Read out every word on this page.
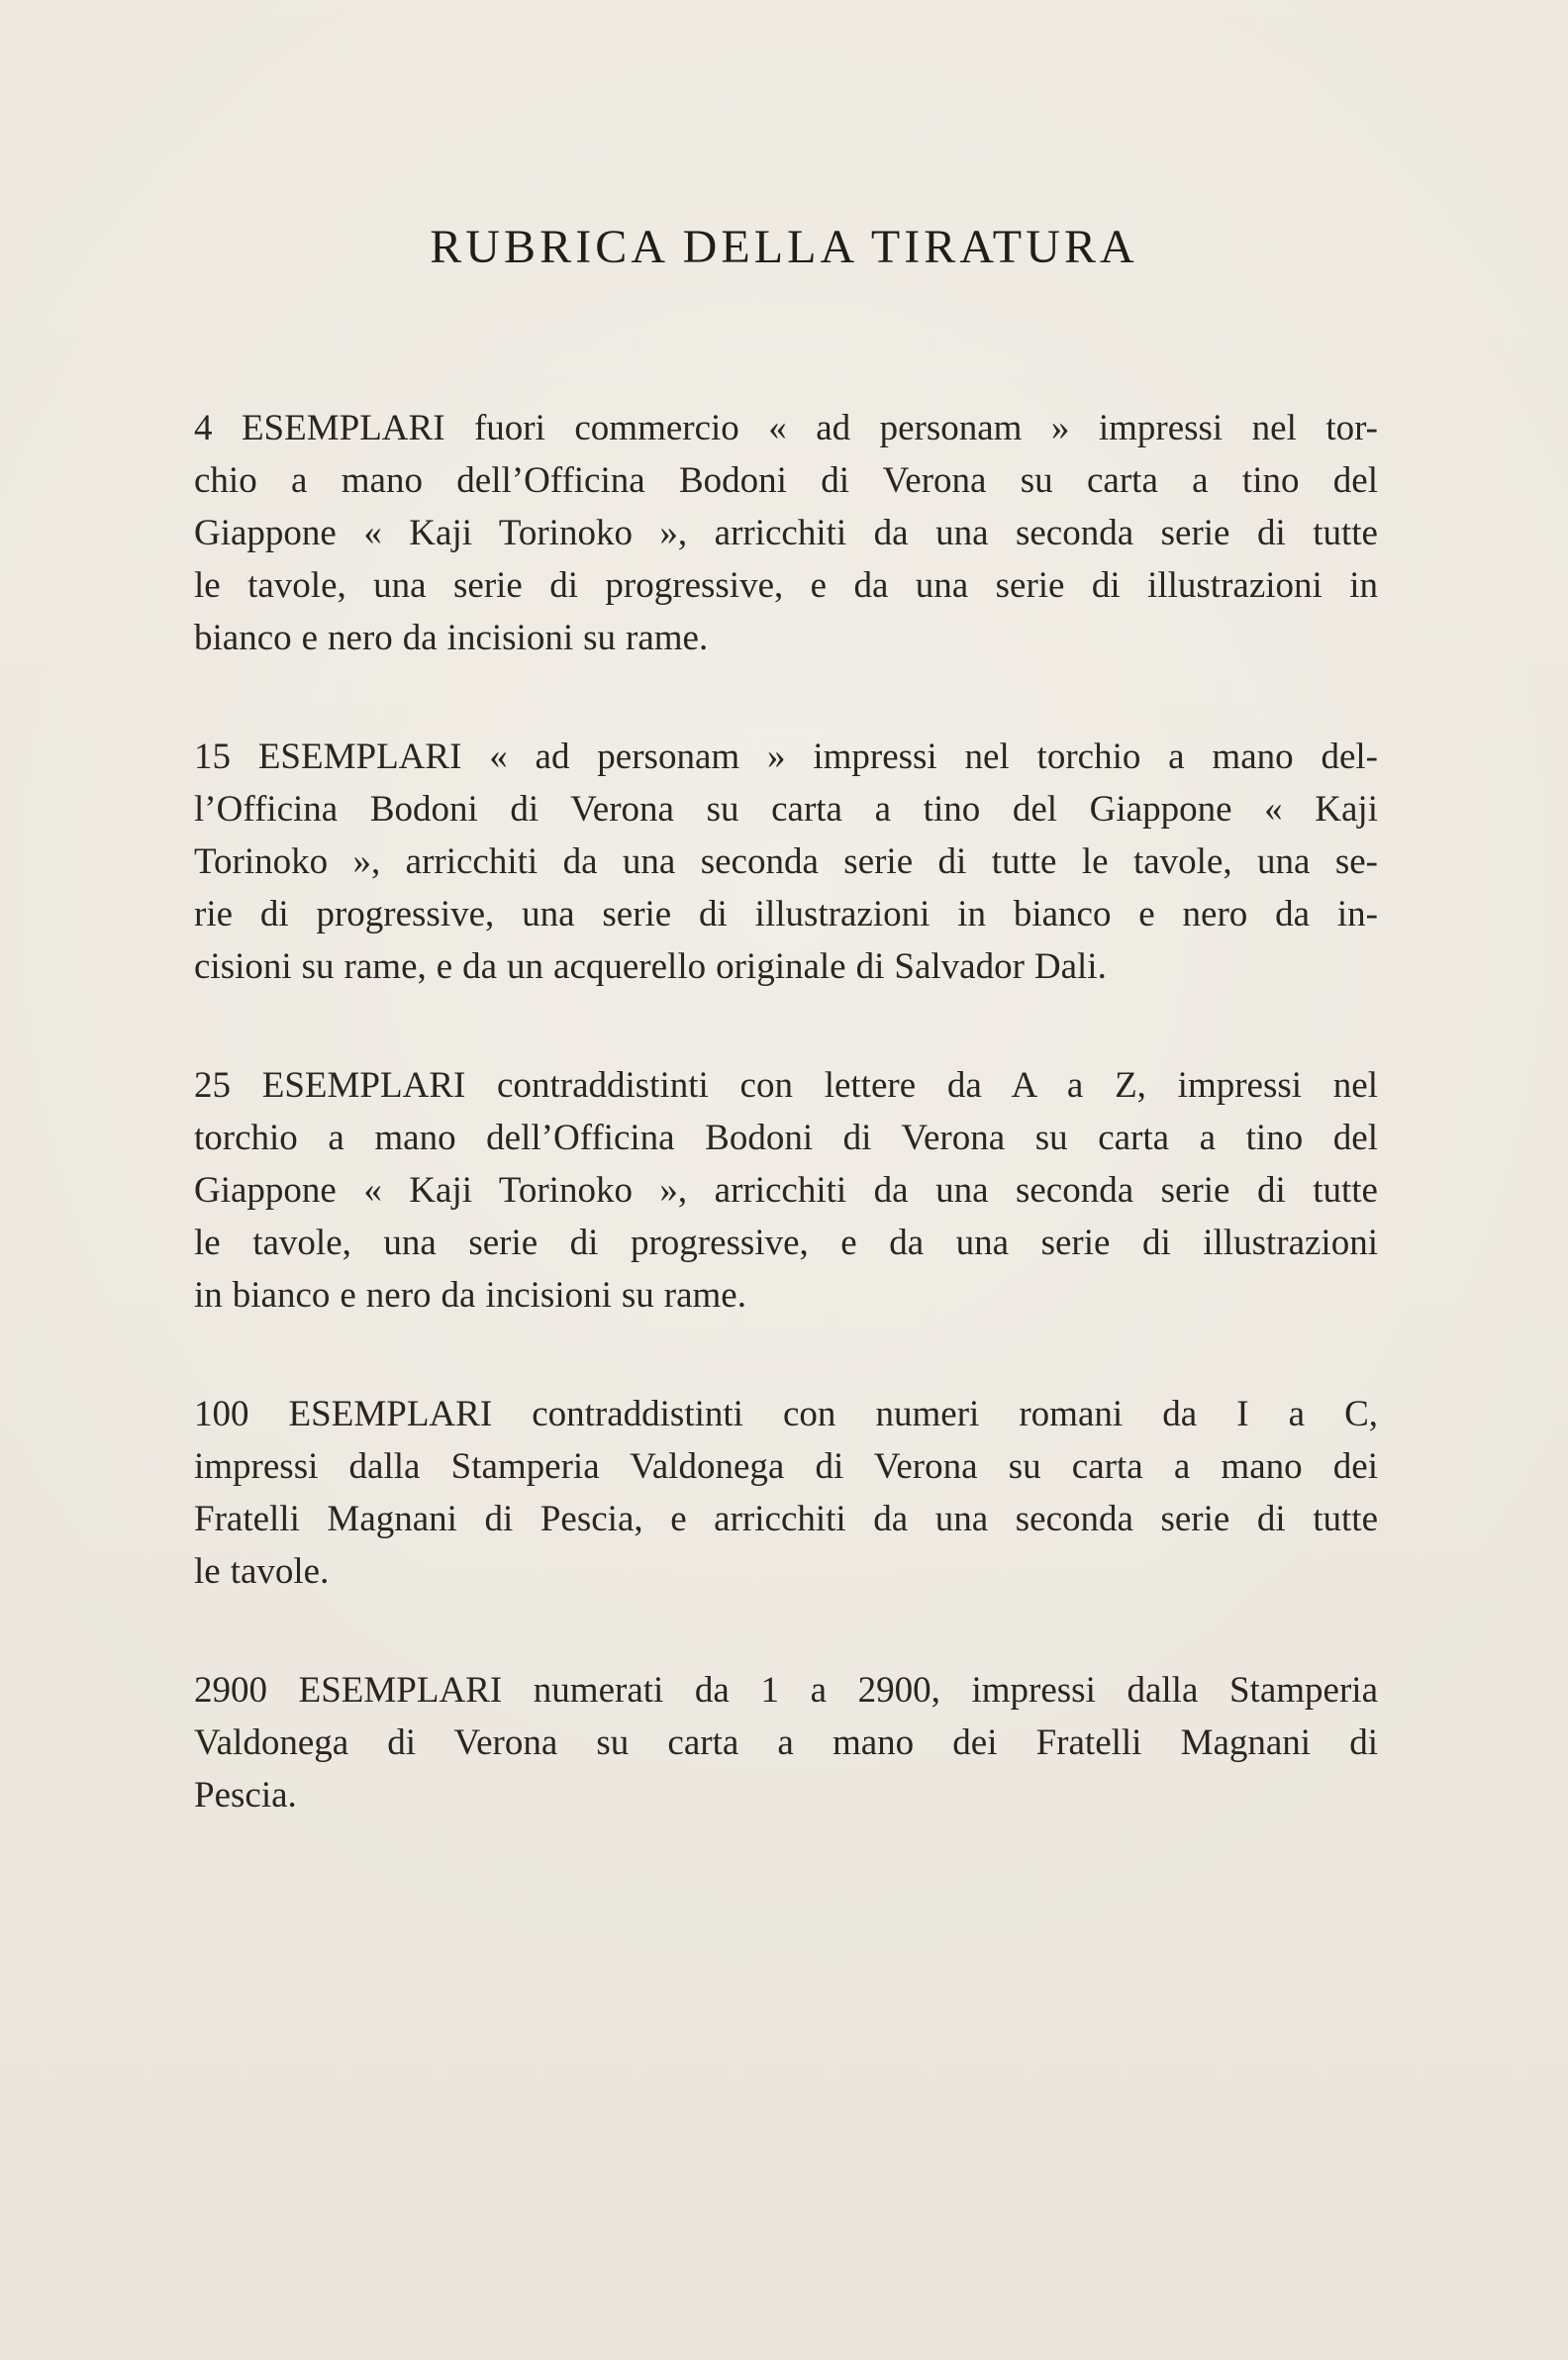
RUBRICA DELLA TIRATURA

4 ESEMPLARI fuori commercio « ad personam » impressi nel tor-
chio a mano dell’Officina Bodoni di Verona su carta a tino del
Giappone « Kaji Torinoko », arricchiti da una seconda serie di tutte
le tavole, una serie di progressive, e da una serie di illustrazioni in
bianco e nero da incisioni su rame.

15 ESEMPLARI « ad personam » impressi nel torchio a mano del-
l’Officina Bodoni di Verona su carta a tino del Giappone « Kaji
Torinoko », arricchiti da una seconda serie di tutte le tavole, una se-
rie di progressive, una serie di illustrazioni in bianco e nero da in-
cisioni su rame, e da un acquerello originale di Salvador Dali.

25 ESEMPLARI contraddistinti con lettere da A a Z, impressi nel
torchio a mano dell’Officina Bodoni di Verona su carta a tino del
Giappone « Kaji Torinoko », arricchiti da una seconda serie di tutte
le tavole, una serie di progressive, e da una serie di illustrazioni
in bianco e nero da incisioni su rame.

100 ESEMPLARI contraddistinti con numeri romani da I a C,
impressi dalla Stamperia Valdonega di Verona su carta a mano dei
Fratelli Magnani di Pescia, e arricchiti da una seconda serie di tutte
le tavole.

2900 ESEMPLARI numerati da 1 a 2900, impressi dalla Stamperia
Valdonega di Verona su carta a mano dei Fratelli Magnani di
Pescia.
